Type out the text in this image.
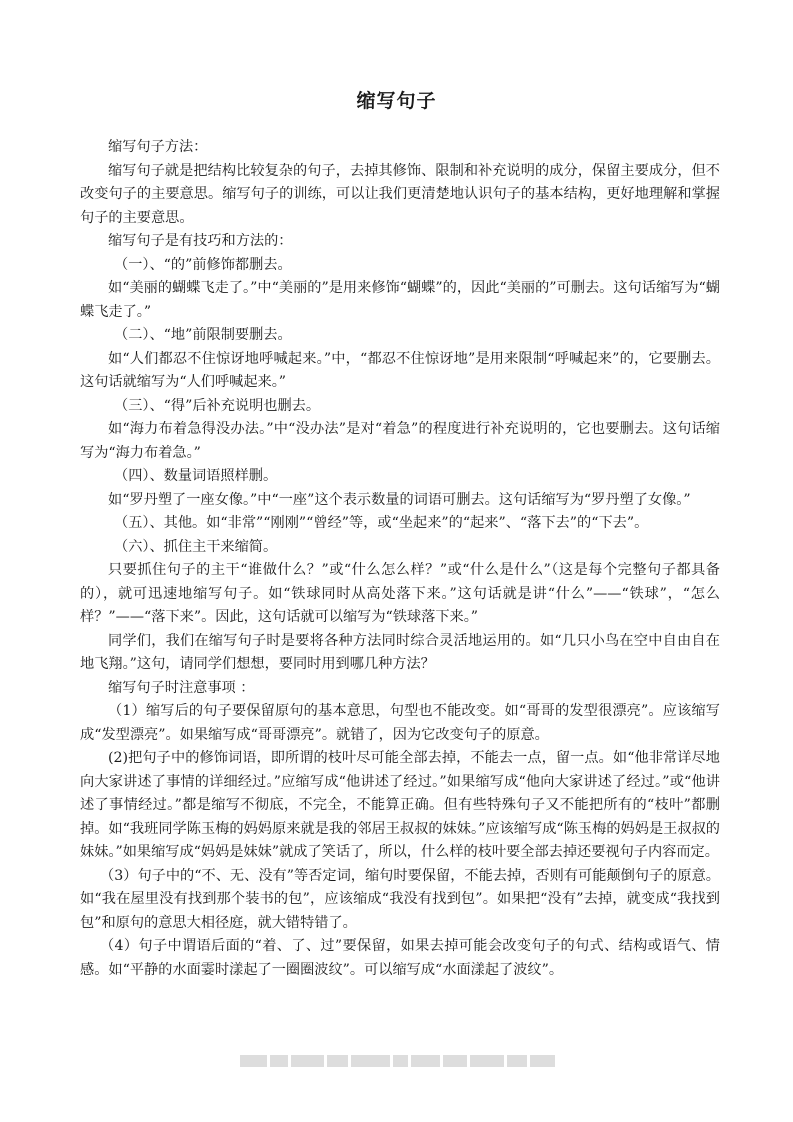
缩写句子

缩写句子方法：

缩写句子就是把结构比较复杂的句子，去掉其修饰、限制和补充说明的成分，保留主要成分，但不改变句子的主要意思。缩写句子的训练，可以让我们更清楚地认识句子的基本结构，更好地理解和掌握句子的主要意思。

缩写句子是有技巧和方法的：

（一）、“的”前修饰都删去。

如“美丽的蝴蝶飞走了。”中“美丽的”是用来修饰“蝴蝶”的，因此“美丽的”可删去。这句话缩写为“蝴蝶飞走了。”

（二）、“地”前限制要删去。

如“人们都忍不住惊讶地呼喊起来。”中，“都忍不住惊讶地”是用来限制“呼喊起来”的，它要删去。这句话就缩写为“人们呼喊起来。”

（三）、“得”后补充说明也删去。

如“海力布着急得没办法。”中“没办法”是对“着急”的程度进行补充说明的，它也要删去。这句话缩写为“海力布着急。”

（四）、数量词语照样删。

如“罗丹塑了一座女像。”中“一座”这个表示数量的词语可删去。这句话缩写为“罗丹塑了女像。”

（五）、其他。如“非常”“刚刚”“曾经”等，或“坐起来”的“起来”、“落下去”的“下去”。

（六）、抓住主干来缩简。

只要抓住句子的主干“谁做什么？”或“什么怎么样？”或“什么是什么”（这是每个完整句子都具备的），就可迅速地缩写句子。如“铁球同时从高处落下来。”这句话就是讲“什么”——“铁球”，“怎么样？”——“落下来”。因此，这句话就可以缩写为“铁球落下来。”

同学们，我们在缩写句子时是要将各种方法同时综合灵活地运用的。如“几只小鸟在空中自由自在地飞翔。”这句，请同学们想想，要同时用到哪几种方法？

缩写句子时注意事项 ：

（1）缩写后的句子要保留原句的基本意思，句型也不能改变。如“哥哥的发型很漂亮”。应该缩写成“发型漂亮”。如果缩写成“哥哥漂亮”。就错了，因为它改变句子的原意。

(2)把句子中的修饰词语，即所谓的枝叶尽可能全部去掉，不能去一点，留一点。如“他非常详尽地向大家讲述了事情的详细经过。”应缩写成“他讲述了经过。”如果缩写成“他向大家讲述了经过。”或“他讲述了事情经过。”都是缩写不彻底，不完全，不能算正确。但有些特殊句子又不能把所有的“枝叶”都删掉。如“我班同学陈玉梅的妈妈原来就是我的邻居王叔叔的妹妹。”应该缩写成“陈玉梅的妈妈是王叔叔的妹妹。”如果缩写成“妈妈是妹妹”就成了笑话了，所以，什么样的枝叶要全部去掉还要视句子内容而定。

（3）句子中的“不、无、没有”等否定词，缩句时要保留，不能去掉，否则有可能颠倒句子的原意。如“我在屋里没有找到那个装书的包”，应该缩成“我没有找到包”。如果把“没有”去掉，就变成“我找到包”和原句的意思大相径庭，就大错特错了。

（4）句子中谓语后面的“着、了、过”要保留，如果去掉可能会改变句子的句式、结构或语气、情感。如“平静的水面霎时漾起了一圈圈波纹”。可以缩写成“水面漾起了波纹”。
